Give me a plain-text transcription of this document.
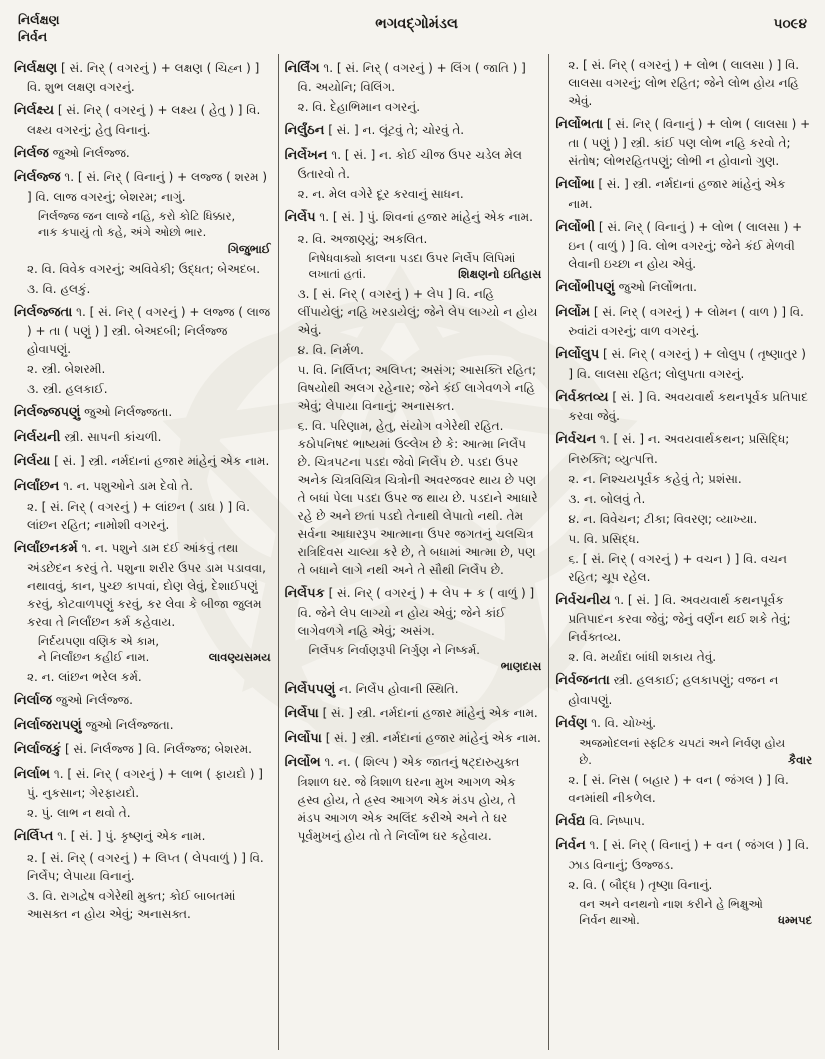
નિર્લક્ષણ
નિર્વન
ભગવદ્ગોમંડલ	૫૦૯૪
નિર્લક્ષણ [ સં. નિર્ ( વગરનું ) + લક્ષણ ( ચિહ્ન ) ] વિ. શુભ લક્ષણ વગરનું.
નિર્લક્ષ્ય [ સં. નિર્ ( વગરનું ) + લક્ષ્ય ( હેતુ ) ] વિ. લક્ષ્ય વગરનું; હેતુ વિનાનું.
નિર્લજ જુઓ નિર્લજ્જ.
નિર્લજ્જ ૧. [ સં. નિર્ ( વિનાનું ) + લજ્જ ( શરમ ) ] વિ. લાજ વગરનું; બેશરમ; નાગું.
નિર્લજ્જ જન લાજે નહિ, કરો કોટિ ધિક્કાર,
નાક કપાયું તો કહે, અંગે ઓછો ભાર.
ગિજુભાઈ
૨. વિ. વિવેક વગરનું; અવિવેકી; ઉદ્ધત; બેઅદબ.
૩. વિ. હલકું.
નિર્લજ્જતા ૧. [ સં. નિર્ ( વગરનું ) + લજ્જ ( લાજ ) + તા ( પણું ) ] સ્ત્રી. બેઅદબી; નિર્લજ્જ હોવાપણું.
૨. સ્ત્રી. બેશરમી.
૩. સ્ત્રી. હલકાઈ.
નિર્લજ્જપણું જુઓ નિર્લજ્જતા.
નિર્લયની સ્ત્રી. સાપની કાંચળી.
નિર્લયા [ સં. ] સ્ત્રી. નર્મદાનાં હજાર માંહેનું એક નામ.
નિર્લાંછન ૧. ન. પશુઓને ડામ દેવો તે.
૨. [ સં. નિર્ ( વગરનું ) + લાંછન ( ડાઘ ) ] વિ. લાંછન રહિત; નામોશી વગરનું.
નિર્લાંછનકર્મ ૧. ન. પશુને ડામ દઈ આંકવું તથા અંડછેદન કરવું તે. પશુના શરીર ઉપર ડામ પડાવવા, નથાવવું, કાન, પુચ્છ કાપવાં, દોણ લેવું, દેશાઈપણું કરવું, કોટવાળપણું કરવું, કર લેવા કે બીજા જુલમ કરવા તે નિર્લાંછન કર્મ કહેવાય.
નિર્દયપણા વણિક એ કામ,
ને નિર્લાંછન કહીઈ નામ.	લાવણ્યસમય
૨. ન. લાંછન ભરેલ કર્મ.
નિર્લાજ જુઓ નિર્લજ્જ.
નિર્લાજરાપણું જુઓ નિર્લજ્જતા.
નિર્લાજકું [ સં. નિર્લજ્જ ] વિ. નિર્લજ્જ; બેશરમ.
નિર્લાભ ૧. [ સં. નિર્ ( વગરનું ) + લાભ ( ફાયદો ) ] પું. નુકસાન; ગેરફાયદો.
૨. પું. લાભ ન થવો તે.
નિર્લિપ્ત ૧. [ સં. ] પું. કૃષ્ણનું એક નામ.
૨. [ સં. નિર્ ( વગરનું ) + લિપ્ત ( લેપવાળું ) ] વિ. નિર્લેપ; લેપાયા વિનાનું.
૩. વિ. રાગદ્વેષ વગેરેથી મુક્ત; કોઈ બાબતમાં આસક્ત ન હોય એવું; અનાસક્ત.
નિર્લિંગ ૧. [ સં. નિર્ ( વગરનું ) + લિંગ ( જાતિ ) ] વિ. અયોનિ; વિલિંગ.
૨. વિ. દેહાભિમાન વગરનું.
નિર્લુંઠન [ સં. ] ન. લૂંટવું તે; ચોરવું તે.
નિર્લેખન ૧. [ સં. ] ન. કોઈ ચીજ ઉપર ચડેલ મેલ ઉતારવો તે.
૨. ન. મેલ વગેરે દૂર કરવાનું સાધન.
નિર્લેપ ૧. [ સં. ] પું. શિવનાં હજાર માંહેનું એક નામ.
૨. વિ. અજાણ્યું; અકલિત.
નિષેધવાક્યો કાલના પડદા ઉપર નિર્લેપ લિપિમાં
લખાતાં હતાં.	શિક્ષણનો ઇતિહાસ
૩. [ સં. નિર્ ( વગરનું ) + લેપ ] વિ. નહિ લીંપાયેલું; નહિ ખરડાયેલું; જેને લેપ લાગ્યો ન હોય એવું.
૪. વિ. નિર્મળ.
૫. વિ. નિર્લિપ્ત; અલિપ્ત; અસંગ; આસક્તિ રહિત; વિષયોથી અલગ રહેનાર; જેને કંઈ લાગેવળગે નહિ એવું; લેપાયા વિનાનું; અનાસક્ત.
૬. વિ. પરિણામ, હેતુ, સંયોગ વગેરેથી રહિત. કઠોપનિષદ ભાષ્યમાં ઉલ્લેખ છે કે: આત્મા નિર્લેપ છે. ચિત્રપટના પડદા જેવો નિર્લેપ છે. પડદા ઉપર અનેક ચિત્રવિચિત્ર ચિત્રોની અવરજવર થાય છે પણ તે બધાં પેલા પડદા ઉપર જ થાય છે. પડદાને આધારે રહે છે અને છતાં પડદો તેનાથી લેપાતો નથી. તેમ સર્વના આધારરૂપ આત્માના ઉપર જગતનું ચલચિત્ર રાત્રિદિવસ ચાલ્યા કરે છે, તે બધામાં આત્મા છે, પણ તે બધાને લાગે નથી અને તે સૌથી નિર્લેપ છે.
નિર્લેપક [ સં. નિર્ ( વગરનું ) + લેપ + ક ( વાળું ) ] વિ. જેને લેપ લાગ્યો ન હોય એવું; જેને કાંઈ લાગેવળગે નહિ એવું; અસંગ.
નિર્લેપક નિર્વાણરૂપી નિર્ગુણ ને નિષ્કર્મ.
ભાણદાસ
નિર્લેપપણું ન. નિર્લેપ હોવાની સ્થિતિ.
નિર્લેપા [ સં. ] સ્ત્રી. નર્મદાનાં હજાર માંહેનું એક નામ.
નિર્લોપા [ સં. ] સ્ત્રી. નર્મદાનાં હજાર માંહેનું એક નામ.
નિર્લોભ ૧. ન. ( શિલ્પ ) એક જાતનું ષટ્દારુયુક્ત ત્રિશાળ ઘર. જે ત્રિશાળ ઘરના મુખ આગળ એક હ્રસ્વ હોય, તે હ્રસ્વ આગળ એક મંડપ હોય, તે મંડપ આગળ એક અલિંદ કરીએ અને તે ઘર પૂર્વમુખનું હોય તો તે નિર્લોભ ઘર કહેવાય.
૨. [ સં. નિર્ ( વગરનું ) + લોભ ( લાલસા ) ] વિ. લાલસા વગરનું; લોભ રહિત; જેને લોભ હોય નહિ એવું.
નિર્લોભતા [ સં. નિર્ ( વિનાનું ) + લોભ ( લાલસા ) + તા ( પણું ) ] સ્ત્રી. કાંઈ પણ લોભ નહિ કરવો તે; સંતોષ; લોભરહિતપણું; લોભી ન હોવાનો ગુણ.
નિર્લોભા [ સં. ] સ્ત્રી. નર્મદાનાં હજાર માંહેનું એક નામ.
નિર્લોભી [ સં. નિર્ ( વિનાનું ) + લોભ ( લાલસા ) + ઇન ( વાળું ) ] વિ. લોભ વગરનું; જેને કંઈ મેળવી લેવાની ઇચ્છા ન હોય એવું.
નિર્લોભીપણું જુઓ નિર્લોભતા.
નિર્લોમ [ સં. નિર્ ( વગરનું ) + લોમન ( વાળ ) ] વિ. રુવાંટાં વગરનું; વાળ વગરનું.
નિર્લોલુપ [ સં. નિર્ ( વગરનું ) + લોલુપ ( તૃષ્ણાતુર ) ] વિ. લાલસા રહિત; લોલુપતા વગરનું.
નિર્વક્તવ્ય [ સં. ] વિ. અવયવાર્થ કથનપૂર્વક પ્રતિપાદ કરવા જેવું.
નિર્વચન ૧. [ સં. ] ન. અવયવાર્થકથન; પ્રસિદ્ધિ; નિરુક્તિ; વ્યુત્પત્તિ.
૨. ન. નિશ્ચયપૂર્વક કહેવું તે; પ્રશંસા.
૩. ન. બોલવું તે.
૪. ન. વિવેચન; ટીકા; વિવરણ; વ્યાખ્યા.
૫. વિ. પ્રસિદ્ધ.
૬. [ સં. નિર્ ( વગરનું ) + વચન ) ] વિ. વચન રહિત; ચૂપ રહેલ.
નિર્વચનીય ૧. [ સં. ] વિ. અવયવાર્થ કથનપૂર્વક પ્રતિપાદન કરવા જેવું; જેનું વર્ણન થઈ શકે તેવું; નિર્વક્તવ્ય.
૨. વિ. મર્યાદા બાંધી શકાય તેવું.
નિર્વજનતા સ્ત્રી. હલકાઈ; હલકાપણું; વજન ન હોવાપણું.
નિર્વણ ૧. વિ. ચોખ્ખું.
અજમોદલનાં સ્ફટિક ચપટાં અને નિર્વણ હોય
છે.	કૈવાર
૨. [ સં. નિસ ( બહાર ) + વન ( જંગલ ) ] વિ. વનમાંથી નીકળેલ.
નિર્વદ્ય વિ. નિષ્પાપ.
નિર્વન ૧. [ સં. નિર્ ( વિનાનું ) + વન ( જંગલ ) ] વિ. ઝાડ વિનાનું; ઉજ્જડ.
૨. વિ. ( બૌદ્ધ ) તૃષ્ણા વિનાનું.
વન અને વનથનો નાશ કરીને હે ભિક્ષુઓ
નિર્વન થાઓ.	ધમ્મપદ
